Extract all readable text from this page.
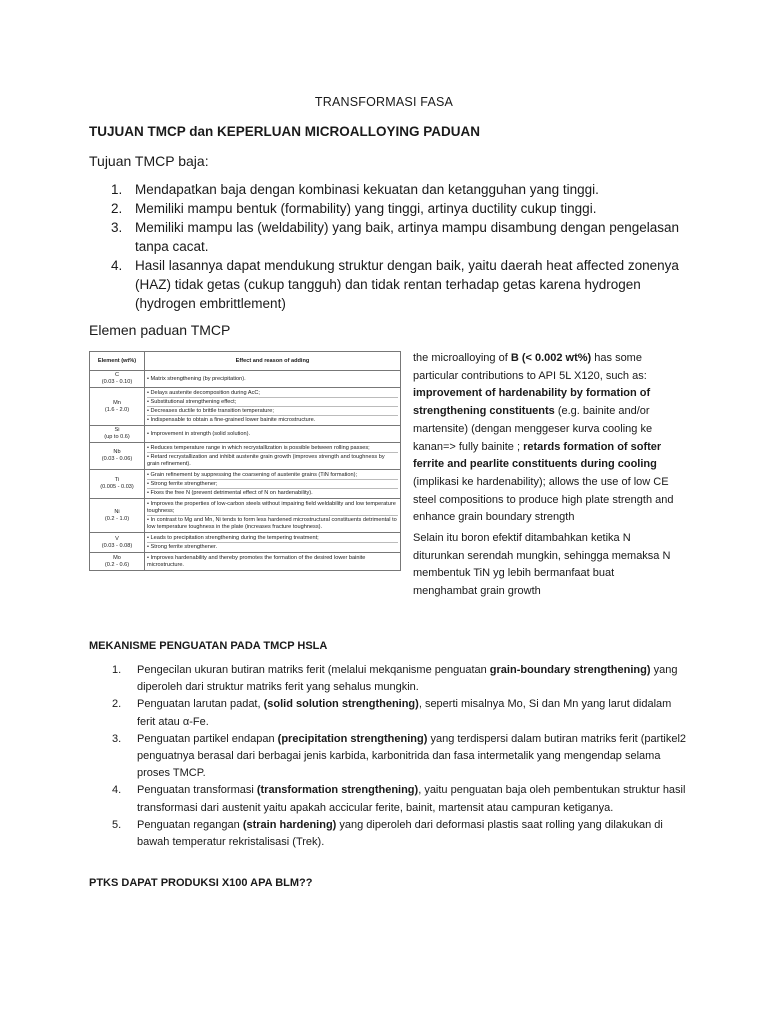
TRANSFORMASI FASA
TUJUAN TMCP dan KEPERLUAN MICROALLOYING PADUAN
Tujuan TMCP baja:
1. Mendapatkan baja dengan kombinasi kekuatan dan ketangguhan yang tinggi.
2. Memiliki mampu bentuk (formability) yang tinggi, artinya ductility cukup tinggi.
3. Memiliki mampu las (weldability) yang baik, artinya mampu disambung dengan pengelasan tanpa cacat.
4. Hasil lasannya dapat mendukung struktur dengan baik, yaitu daerah heat affected zonenya (HAZ) tidak getas (cukup tangguh) dan tidak rentan terhadap getas karena hydrogen (hydrogen embrittlement)
Elemen paduan TMCP
Element (wt%)	Effect and reason of adding
C
(0.03 - 0.10)	• Matrix strengthening (by precipitation).

Mn
(1.6 - 2.0)	• Delays austenite decomposition during AcC;
• Substitutional strengthening effect;
• Decreases ductile to brittle transition temperature;
• Indispensable to obtain a fine-grained lower bainite microstructure.

Si
(up to 0.6)	• Improvement in strength (solid solution).

Nb
(0.03 - 0.06)	• Reduces temperature range in which recrystallization is possible between rolling passes;
• Retard recrystallization and inhibit austenite grain growth (improves strength and toughness by grain refinement).

Ti
(0.005 - 0.03)	• Grain refinement by suppressing the coarsening of austenite grains (TiN formation);
• Strong ferrite strengthener;
• Fixes the free N (prevent detrimental effect of N on hardenability).

Ni
(0.2 - 1.0)	• Improves the properties of low-carbon steels without impairing field weldability and low temperature toughness;
• In contrast to Mg and Mn, Ni tends to form less hardened microstructural constituents detrimental to low temperature toughness in the plate (increases fracture toughness).

V
(0.03 - 0.08)	• Leads to precipitation strengthening during the tempering treatment;
• Strong ferrite strengthener.

Mo
(0.2 - 0.6)	• Improves hardenability and thereby promotes the formation of the desired lower bainite microstructure.

the microalloying of B (< 0.002 wt%) has some particular contributions to API 5L X120, such as: improvement of hardenability by formation of strengthening constituents (e.g. bainite and/or martensite) (dengan menggeser kurva cooling ke kanan=> fully bainite ; retards formation of softer ferrite and pearlite constituents during cooling (implikasi ke hardenability); allows the use of low CE steel compositions to produce high plate strength and enhance grain boundary strength

Selain itu boron efektif ditambahkan ketika N diturunkan serendah mungkin, sehingga memaksa N membentuk TiN yg lebih bermanfaat buat menghambat grain growth

MEKANISME PENGUATAN PADA TMCP HSLA
1. Pengecilan ukuran butiran matriks ferit (melalui mekqanisme penguatan grain-boundary strengthening) yang diperoleh dari struktur matriks ferit yang sehalus mungkin.
2. Penguatan larutan padat, (solid solution strengthening), seperti misalnya Mo, Si dan Mn yang larut didalam ferit atau α-Fe.
3. Penguatan partikel endapan (precipitation strengthening) yang terdispersi dalam butiran matriks ferit (partikel2 penguatnya berasal dari berbagai jenis karbida, karbonitrida dan fasa intermetalik yang mengendap selama proses TMCP.
4. Penguatan transformasi (transformation strengthening), yaitu penguatan baja oleh pembentukan struktur hasil transformasi dari austenit yaitu apakah accicular ferite, bainit, martensit atau campuran ketiganya.
5. Penguatan regangan (strain hardening) yang diperoleh dari deformasi plastis saat rolling yang dilakukan di bawah temperatur rekristalisasi (Trek).
PTKS DAPAT PRODUKSI X100 APA BLM??
